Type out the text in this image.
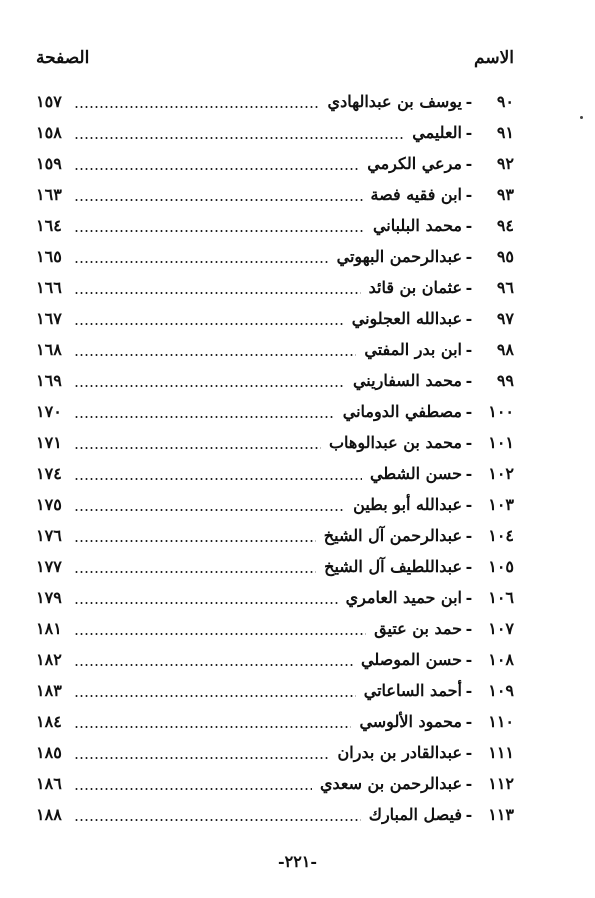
الصفحة	الاسم
٩٠
-
يوسف بن عبدالهادي
١٥٧
٩١
-
العليمي
١٥٨
٩٢
-
مرعي الكرمي
١٥٩
٩٣
-
ابن فقيه فصة
١٦٣
٩٤
-
محمد البلباني
١٦٤
٩٥
-
عبدالرحمن البهوتي
١٦٥
٩٦
-
عثمان بن قائد
١٦٦
٩٧
-
عبدالله العجلوني
١٦٧
٩٨
-
ابن بدر المفتي
١٦٨
٩٩
-
محمد السفاريني
١٦٩
١٠٠
-
مصطفي الدوماني
١٧٠
١٠١
-
محمد بن عبدالوهاب
١٧١
١٠٢
-
حسن الشطي
١٧٤
١٠٣
-
عبدالله أبو بطين
١٧٥
١٠٤
-
عبدالرحمن آل الشيخ
١٧٦
١٠٥
-
عبداللطيف آل الشيخ
١٧٧
١٠٦
-
ابن حميد العامري
١٧٩
١٠٧
-
حمد بن عتيق
١٨١
١٠٨
-
حسن الموصلي
١٨٢
١٠٩
-
أحمد الساعاتي
١٨٣
١١٠
-
محمود الألوسي
١٨٤
١١١
-
عبدالقادر بن بدران
١٨٥
١١٢
-
عبدالرحمن بن سعدي
١٨٦
١١٣
-
فيصل المبارك
١٨٨
-٢٢١-
